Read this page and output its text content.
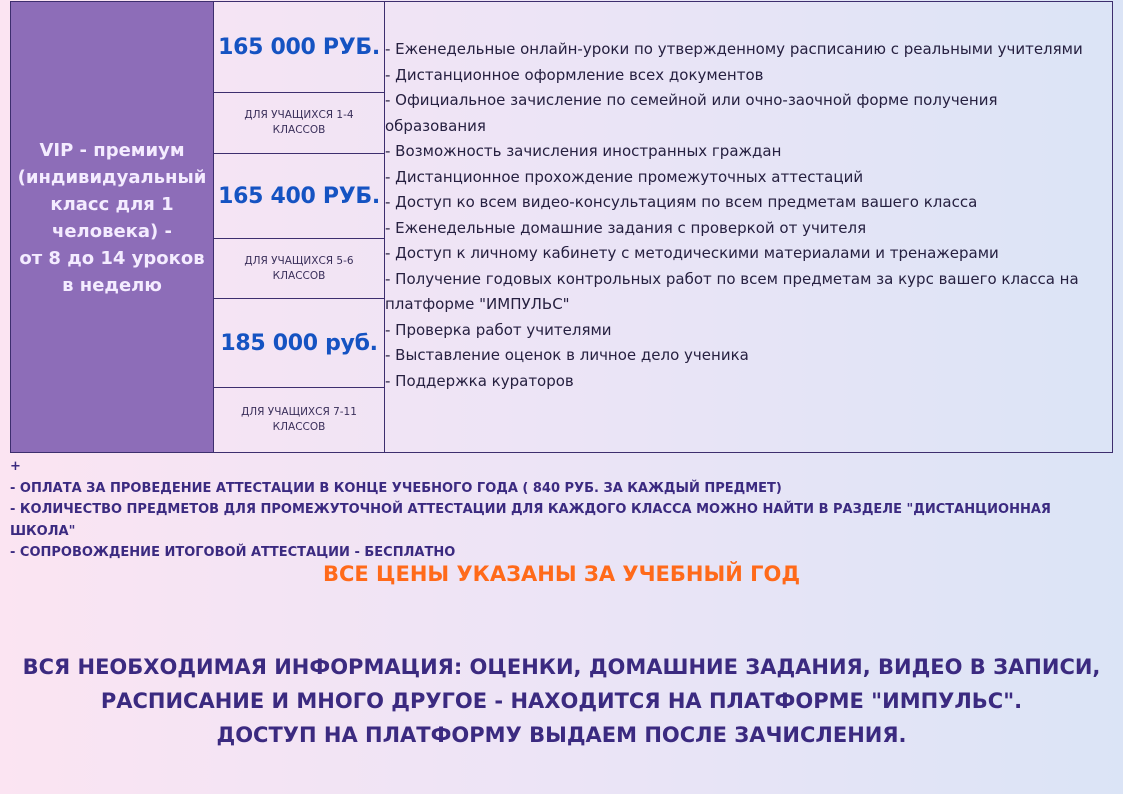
VIP - премиум
(индивидуальный
класс для 1
человека) -
от 8 до 14 уроков
в неделю
165 000 РУБ.
ДЛЯ УЧАЩИХСЯ 1-4
КЛАССОВ
165 400 РУБ.
ДЛЯ УЧАЩИХСЯ 5-6
КЛАССОВ
185 000 руб.
ДЛЯ УЧАЩИХСЯ 7-11
КЛАССОВ
- Еженедельные онлайн-уроки по утвержденному расписанию с реальными учителями
- Дистанционное оформление всех документов
- Официальное зачисление по семейной или очно-заочной форме получения образования
- Возможность зачисления иностранных граждан
- Дистанционное прохождение промежуточных аттестаций
- Доступ ко всем видео-консультациям по всем предметам вашего класса
- Еженедельные домашние задания с проверкой от учителя
- Доступ к личному кабинету с методическими материалами и тренажерами
- Получение годовых контрольных работ по всем предметам за курс вашего класса на платформе "ИМПУЛЬС"
- Проверка работ учителями
- Выставление оценок в личное дело ученика
- Поддержка кураторов
+
- ОПЛАТА ЗА ПРОВЕДЕНИЕ АТТЕСТАЦИИ В КОНЦЕ УЧЕБНОГО ГОДА ( 840 РУБ. ЗА КАЖДЫЙ ПРЕДМЕТ)
- КОЛИЧЕСТВО ПРЕДМЕТОВ ДЛЯ ПРОМЕЖУТОЧНОЙ АТТЕСТАЦИИ ДЛЯ КАЖДОГО КЛАССА МОЖНО НАЙТИ В РАЗДЕЛЕ "ДИСТАНЦИОННАЯ ШКОЛА"
- СОПРОВОЖДЕНИЕ ИТОГОВОЙ АТТЕСТАЦИИ - БЕСПЛАТНО
ВСЕ ЦЕНЫ УКАЗАНЫ ЗА УЧЕБНЫЙ ГОД
ВСЯ НЕОБХОДИМАЯ ИНФОРМАЦИЯ: ОЦЕНКИ, ДОМАШНИЕ ЗАДАНИЯ, ВИДЕО В ЗАПИСИ,
РАСПИСАНИЕ И МНОГО ДРУГОЕ - НАХОДИТСЯ НА ПЛАТФОРМЕ "ИМПУЛЬС".
ДОСТУП НА ПЛАТФОРМУ ВЫДАЕМ ПОСЛЕ ЗАЧИСЛЕНИЯ.
